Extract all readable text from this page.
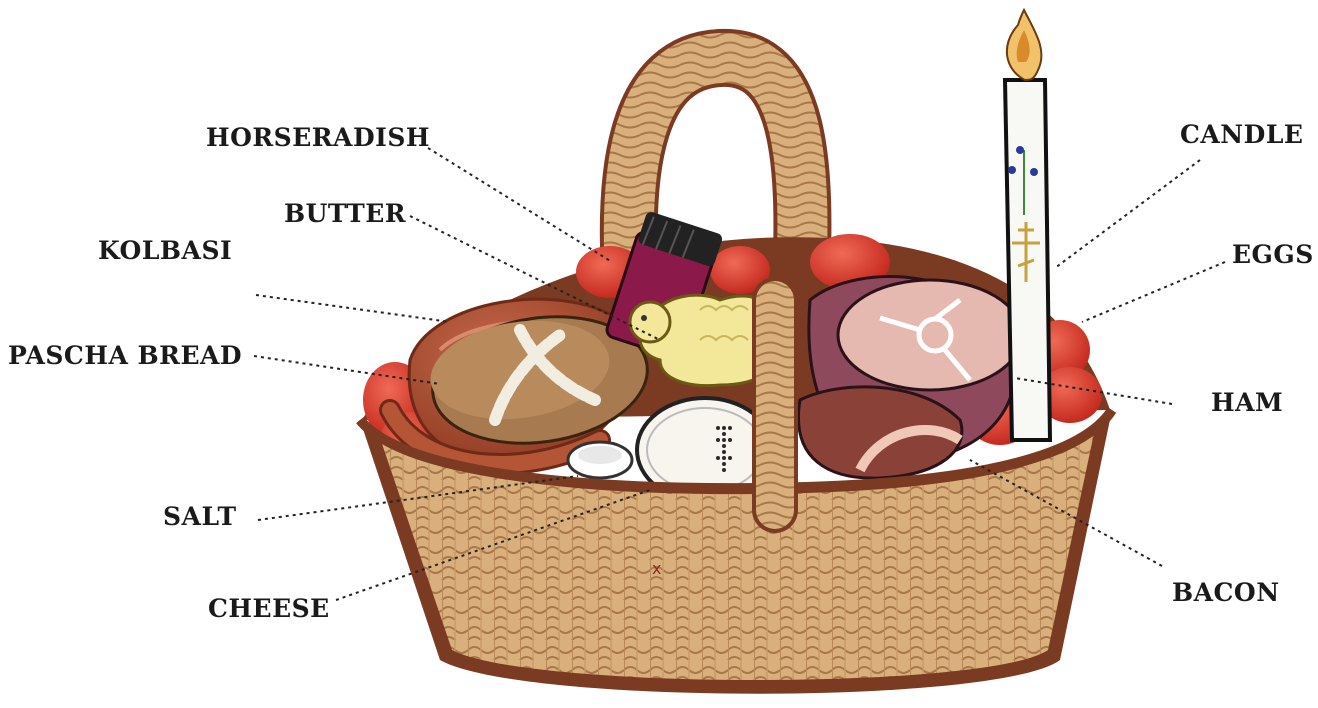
x
HORSERADISH
BUTTER
KOLBASI
PASCHA BREAD
SALT
CHEESE
CANDLE
EGGS
HAM
BACON
